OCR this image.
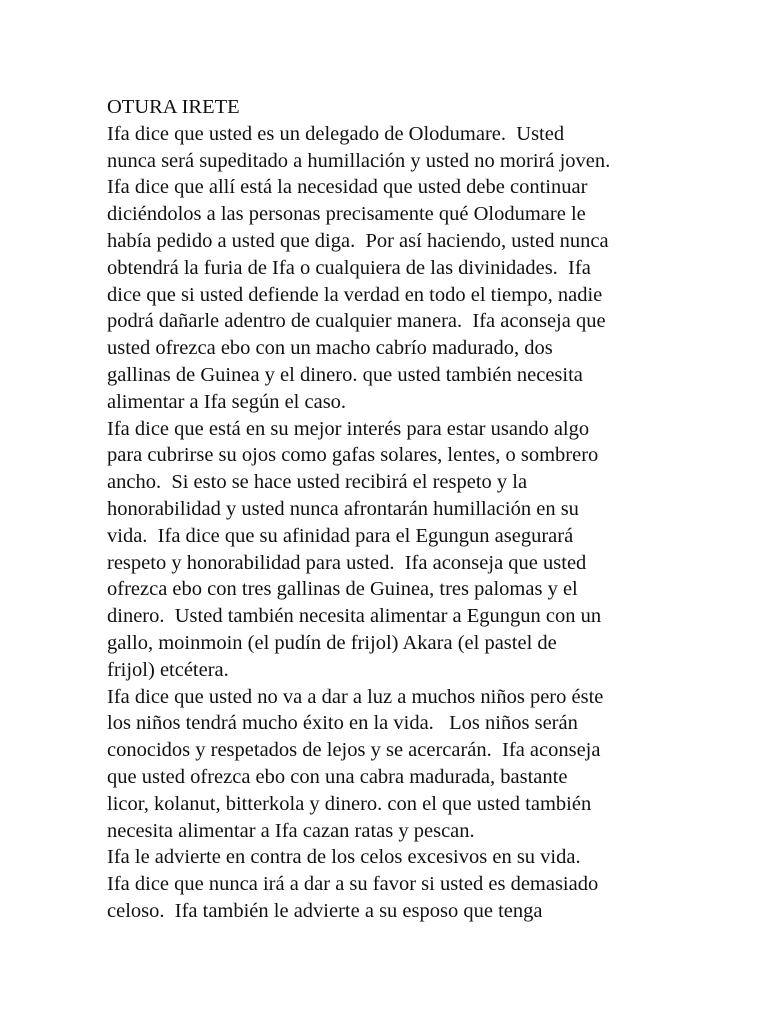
OTURA IRETE
Ifa dice que usted es un delegado de Olodumare.  Usted
nunca será supeditado a humillación y usted no morirá joven.
Ifa dice que allí está la necesidad que usted debe continuar
diciéndolos a las personas precisamente qué Olodumare le
había pedido a usted que diga.  Por así haciendo, usted nunca
obtendrá la furia de Ifa o cualquiera de las divinidades.  Ifa
dice que si usted defiende la verdad en todo el tiempo, nadie
podrá dañarle adentro de cualquier manera.  Ifa aconseja que
usted ofrezca ebo con un macho cabrío madurado, dos
gallinas de Guinea y el dinero. que usted también necesita
alimentar a Ifa según el caso.
Ifa dice que está en su mejor interés para estar usando algo
para cubrirse su ojos como gafas solares, lentes, o sombrero
ancho.  Si esto se hace usted recibirá el respeto y la
honorabilidad y usted nunca afrontarán humillación en su
vida.  Ifa dice que su afinidad para el Egungun asegurará
respeto y honorabilidad para usted.  Ifa aconseja que usted
ofrezca ebo con tres gallinas de Guinea, tres palomas y el
dinero.  Usted también necesita alimentar a Egungun con un
gallo, moinmoin (el pudín de frijol) Akara (el pastel de
frijol) etcétera.
Ifa dice que usted no va a dar a luz a muchos niños pero éste
los niños tendrá mucho éxito en la vida.   Los niños serán
conocidos y respetados de lejos y se acercarán.  Ifa aconseja
que usted ofrezca ebo con una cabra madurada, bastante
licor, kolanut, bitterkola y dinero. con el que usted también
necesita alimentar a Ifa cazan ratas y pescan.
Ifa le advierte en contra de los celos excesivos en su vida.
Ifa dice que nunca irá a dar a su favor si usted es demasiado
celoso.  Ifa también le advierte a su esposo que tenga
